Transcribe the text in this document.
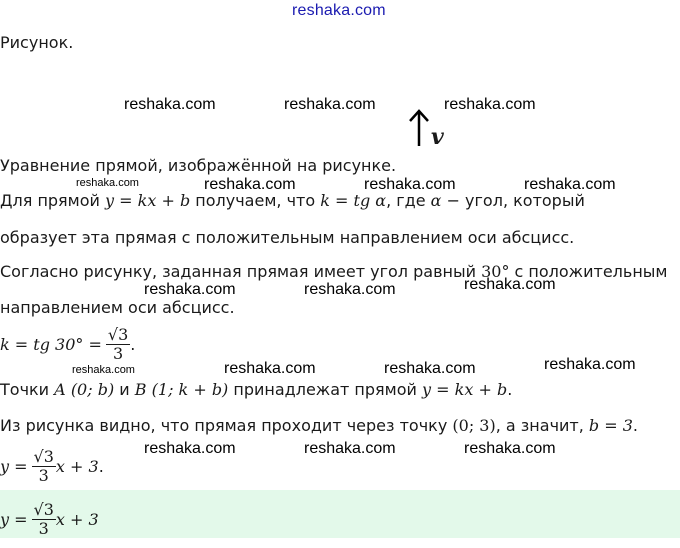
reshaka.com
Рисунок.
reshaka.com	reshaka.com	reshaka.com
v
Уравнение прямой, изображённой на рисунке.
reshaka.com	reshaka.com	reshaka.com	reshaka.com
Для прямой y = kx + b получаем, что k = tg α, где α − угол, который
образует эта прямая с положительным направлением оси абсцисс.
Согласно рисунку, заданная прямая имеет угол равный 30° с положительным
reshaka.com
reshaka.com	reshaka.com
направлением оси абсцисс.
k = tg $30^\circ = \frac{√3}{3}$ .
reshaka.com	reshaka.com	reshaka.com
reshaka.com
Точки A (0; b) и B (1; k + b) принадлежат прямой y = kx + b.
Из рисунка видно, что прямая проходит через точку (0; 3), а значит, b = 3.
reshaka.com	reshaka.com	reshaka.com
$y = \frac{√3}{3}$ x + 3 .
$y = \frac{√3}{3}$ x + 3
